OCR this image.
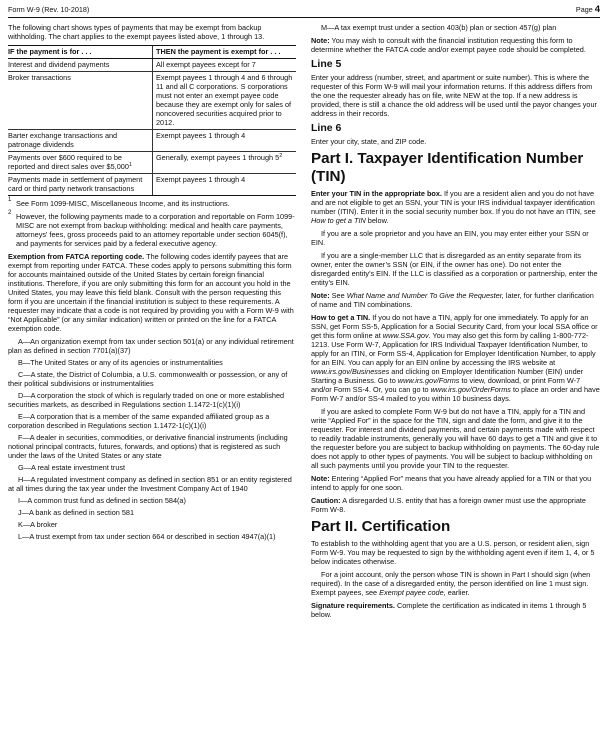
Form W-9 (Rev. 10-2018)	Page 4

The following chart shows types of payments that may be exempt from backup withholding. The chart applies to the exempt payees listed above, 1 through 13.

IF the payment is for . . .	THEN the payment is exempt for . . .
Interest and dividend payments	All exempt payees except for 7
Broker transactions	Exempt payees 1 through 4 and 6 through 11 and all C corporations. S corporations must not enter an exempt payee code because they are exempt only for sales of noncovered securities acquired prior to 2012.
Barter exchange transactions and patronage dividends	Exempt payees 1 through 4
Payments over $600 required to be reported and direct sales over $5,000$^1$	Generally, exempt payees 1 through $5^2$
Payments made in settlement of payment card or third party network transactions	Exempt payees 1 through 4

1 See Form 1099-MISC, Miscellaneous Income, and its instructions.

2 However, the following payments made to a corporation and reportable on Form 1099-MISC are not exempt from backup withholding: medical and health care payments, attorneys' fees, gross proceeds paid to an attorney reportable under section 6045(f), and payments for services paid by a federal executive agency.

Exemption from FATCA reporting code. The following codes identify payees that are exempt from reporting under FATCA. These codes apply to persons submitting this form for accounts maintained outside of the United States by certain foreign financial institutions. Therefore, if you are only submitting this form for an account you hold in the United States, you may leave this field blank. Consult with the person requesting this form if you are uncertain if the financial institution is subject to these requirements. A requester may indicate that a code is not required by providing you with a Form W-9 with “Not Applicable” (or any similar indication) written or printed on the line for a FATCA exemption code.

A—An organization exempt from tax under section 501(a) or any individual retirement plan as defined in section 7701(a)(37)

B—The United States or any of its agencies or instrumentalities

C—A state, the District of Columbia, a U.S. commonwealth or possession, or any of their political subdivisions or instrumentalities

D—A corporation the stock of which is regularly traded on one or more established securities markets, as described in Regulations section 1.1472-1(c)(1)(i)

E—A corporation that is a member of the same expanded affiliated group as a corporation described in Regulations section 1.1472-1(c)(1)(i)

F—A dealer in securities, commodities, or derivative financial instruments (including notional principal contracts, futures, forwards, and options) that is registered as such under the laws of the United States or any state

G—A real estate investment trust

H—A regulated investment company as defined in section 851 or an entity registered at all times during the tax year under the Investment Company Act of 1940

I—A common trust fund as defined in section 584(a)

J—A bank as defined in section 581

K—A broker

L—A trust exempt from tax under section 664 or described in section 4947(a)(1)

M—A tax exempt trust under a section 403(b) plan or section 457(g) plan

Note: You may wish to consult with the financial institution requesting this form to determine whether the FATCA code and/or exempt payee code should be completed.

Line 5

Enter your address (number, street, and apartment or suite number). This is where the requester of this Form W-9 will mail your information returns. If this address differs from the one the requester already has on file, write NEW at the top. If a new address is provided, there is still a chance the old address will be used until the payor changes your address in their records.

Line 6

Enter your city, state, and ZIP code.

Part I. Taxpayer Identification Number (TIN)

Enter your TIN in the appropriate box. If you are a resident alien and you do not have and are not eligible to get an SSN, your TIN is your IRS individual taxpayer identification number (ITIN). Enter it in the social security number box. If you do not have an ITIN, see How to get a TIN below.

If you are a sole proprietor and you have an EIN, you may enter either your SSN or EIN.

If you are a single-member LLC that is disregarded as an entity separate from its owner, enter the owner’s SSN (or EIN, if the owner has one). Do not enter the disregarded entity’s EIN. If the LLC is classified as a corporation or partnership, enter the entity’s EIN.

Note: See What Name and Number To Give the Requester, later, for further clarification of name and TIN combinations.

How to get a TIN. If you do not have a TIN, apply for one immediately. To apply for an SSN, get Form SS-5, Application for a Social Security Card, from your local SSA office or get this form online at www.SSA.gov. You may also get this form by calling 1-800-772-1213. Use Form W-7, Application for IRS Individual Taxpayer Identification Number, to apply for an ITIN, or Form SS-4, Application for Employer Identification Number, to apply for an EIN. You can apply for an EIN online by accessing the IRS website at www.irs.gov/Businesses and clicking on Employer Identification Number (EIN) under Starting a Business. Go to www.irs.gov/Forms to view, download, or print Form W-7 and/or Form SS-4. Or, you can go to www.irs.gov/OrderForms to place an order and have Form W-7 and/or SS-4 mailed to you within 10 business days.

If you are asked to complete Form W-9 but do not have a TIN, apply for a TIN and write “Applied For” in the space for the TIN, sign and date the form, and give it to the requester. For interest and dividend payments, and certain payments made with respect to readily tradable instruments, generally you will have 60 days to get a TIN and give it to the requester before you are subject to backup withholding on payments. The 60-day rule does not apply to other types of payments. You will be subject to backup withholding on all such payments until you provide your TIN to the requester.

Note: Entering “Applied For” means that you have already applied for a TIN or that you intend to apply for one soon.

Caution: A disregarded U.S. entity that has a foreign owner must use the appropriate Form W-8.

Part II. Certification

To establish to the withholding agent that you are a U.S. person, or resident alien, sign Form W-9. You may be requested to sign by the withholding agent even if item 1, 4, or 5 below indicates otherwise.

For a joint account, only the person whose TIN is shown in Part I should sign (when required). In the case of a disregarded entity, the person identified on line 1 must sign. Exempt payees, see Exempt payee code, earlier.

Signature requirements. Complete the certification as indicated in items 1 through 5 below.
